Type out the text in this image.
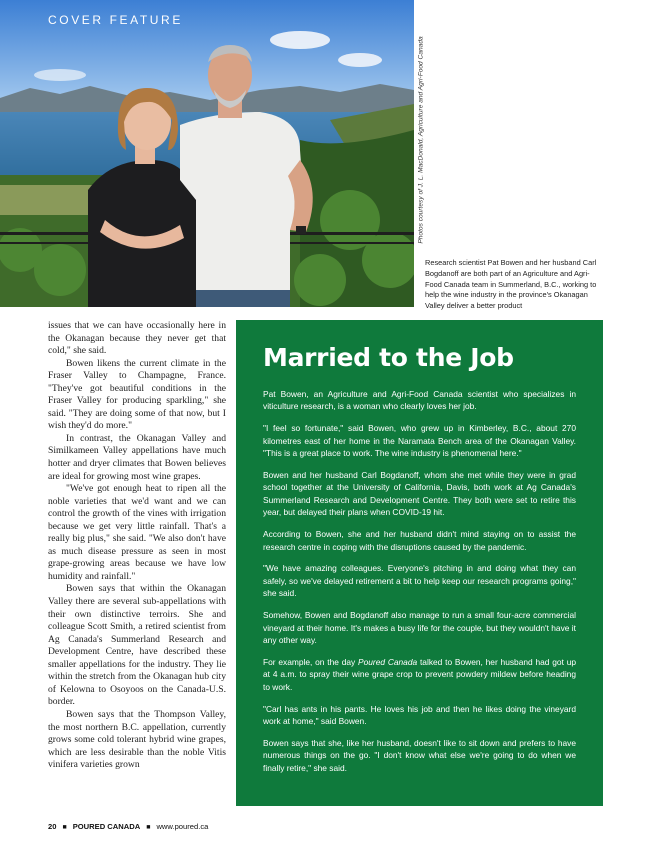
COVER FEATURE
Photos courtesy of J. L. MacDonald, Agriculture and Agri-Food Canada
Research scientist Pat Bowen and her husband Carl Bogdanoff are both part of an Agriculture and Agri-Food Canada team in Summerland, B.C., working to help the wine industry in the province's Okanagan Valley deliver a better product

issues that we can have occasionally here in the Okanagan because they never get that cold," she said.

Bowen likens the current climate in the Fraser Valley to Champagne, France. "They've got beautiful conditions in the Fraser Valley for producing sparkling," she said. "They are doing some of that now, but I wish they'd do more."

In contrast, the Okanagan Valley and Similkameen Valley appellations have much hotter and dryer climates that Bowen believes are ideal for growing most wine grapes.

"We've got enough heat to ripen all the noble varieties that we'd want and we can control the growth of the vines with irrigation because we get very little rainfall. That's a really big plus," she said. "We also don't have as much disease pressure as seen in most grape-growing areas because we have low humidity and rainfall."

Bowen says that within the Okanagan Valley there are several sub-appellations with their own distinctive terroirs. She and colleague Scott Smith, a retired scientist from Ag Canada's Summerland Research and Development Centre, have described these smaller appellations for the industry. They lie within the stretch from the Okanagan hub city of Kelowna to Osoyoos on the Canada-U.S. border.

Bowen says that the Thompson Valley, the most northern B.C. appellation, currently grows some cold tolerant hybrid wine grapes, which are less desirable than the noble Vitis vinifera varieties grown

Married to the Job

Pat Bowen, an Agriculture and Agri-Food Canada scientist who specializes in viticulture research, is a woman who clearly loves her job.

"I feel so fortunate," said Bowen, who grew up in Kimberley, B.C., about 270 kilometres east of her home in the Naramata Bench area of the Okanagan Valley. "This is a great place to work. The wine industry is phenomenal here."

Bowen and her husband Carl Bogdanoff, whom she met while they were in grad school together at the University of California, Davis, both work at Ag Canada's Summerland Research and Development Centre. They both were set to retire this year, but delayed their plans when COVID-19 hit.

According to Bowen, she and her husband didn't mind staying on to assist the research centre in coping with the disruptions caused by the pandemic.

"We have amazing colleagues. Everyone's pitching in and doing what they can safely, so we've delayed retirement a bit to help keep our research programs going," she said.

Somehow, Bowen and Bogdanoff also manage to run a small four-acre commercial vineyard at their home. It's makes a busy life for the couple, but they wouldn't have it any other way.

For example, on the day Poured Canada talked to Bowen, her husband had got up at 4 a.m. to spray their wine grape crop to prevent powdery mildew before heading to work.

"Carl has ants in his pants. He loves his job and then he likes doing the vineyard work at home," said Bowen.

Bowen says that she, like her husband, doesn't like to sit down and prefers to have numerous things on the go. "I don't know what else we're going to do when we finally retire," she said.

20 ■ POURED CANADA ■ www.poured.ca
